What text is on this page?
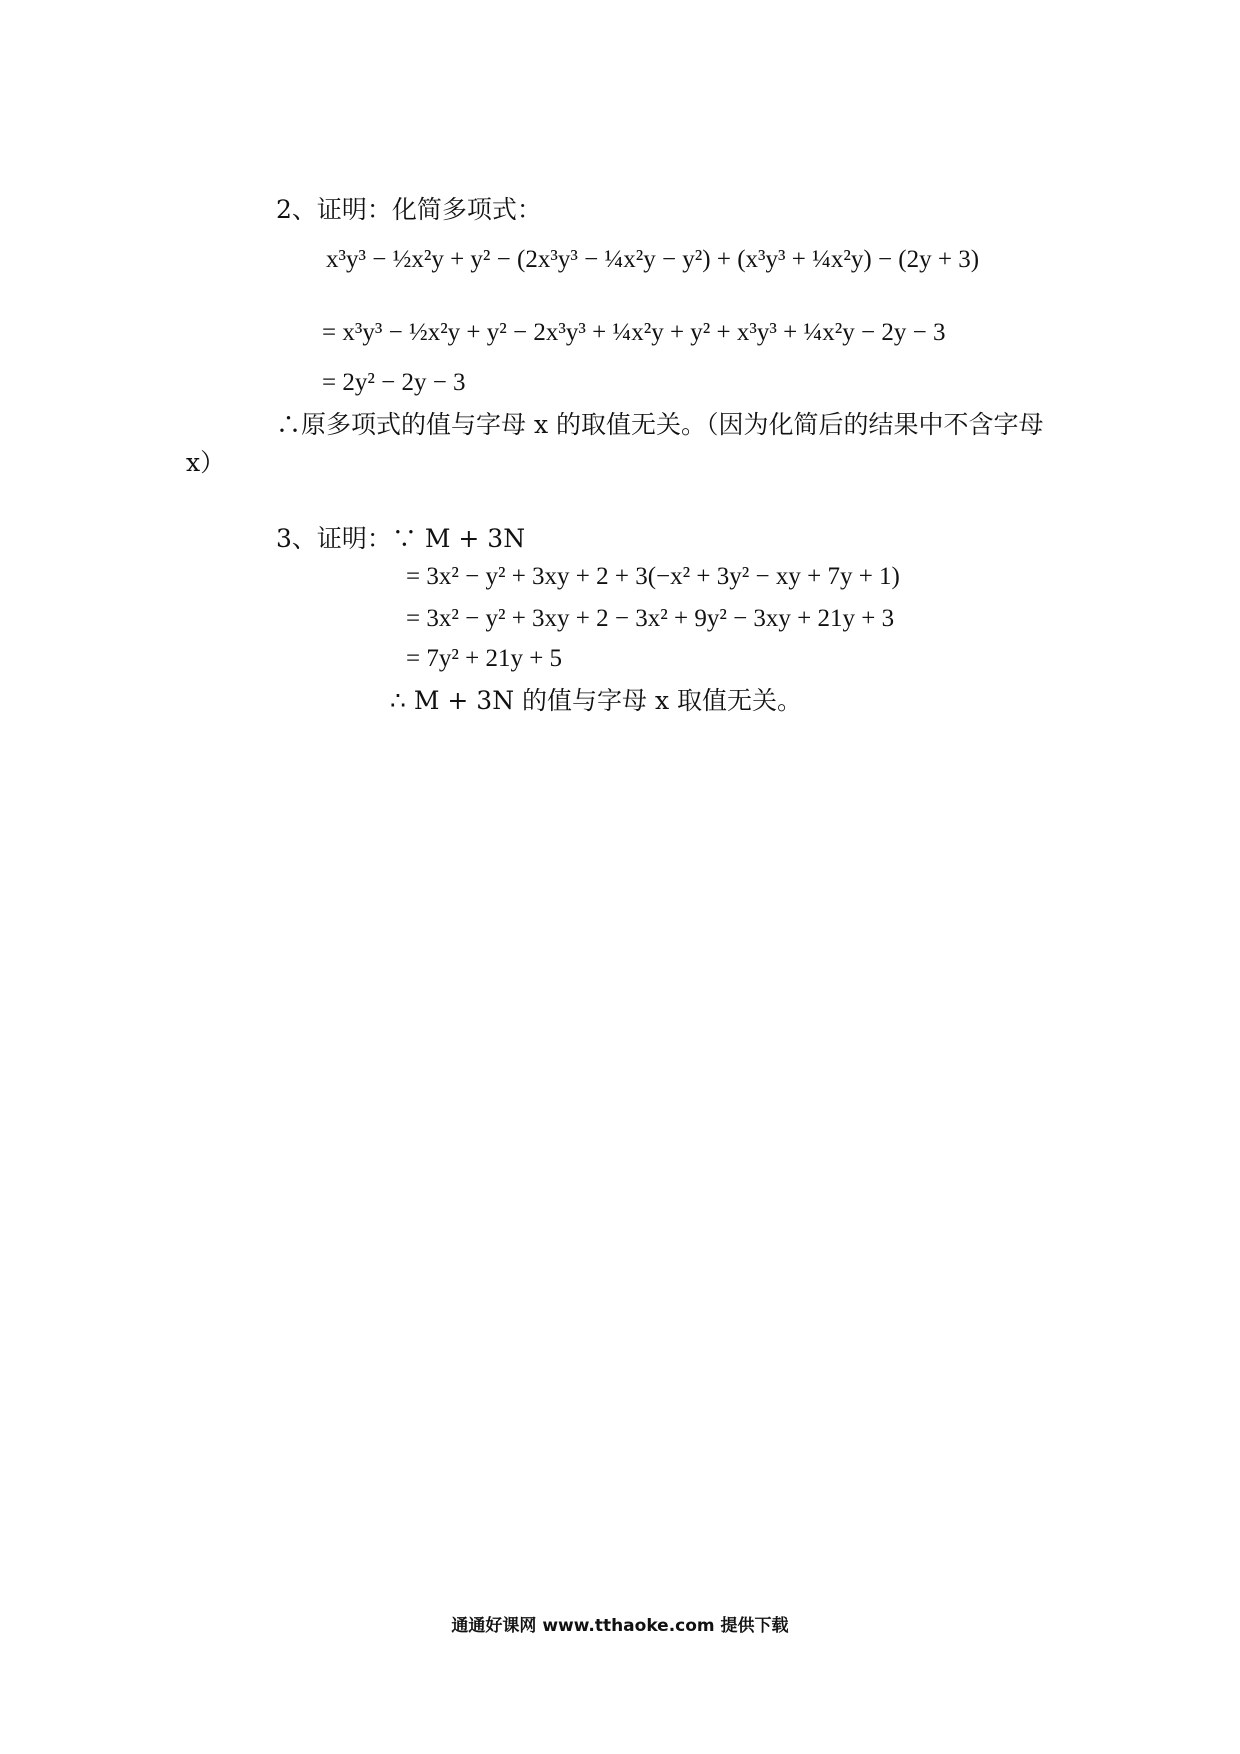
2、证明：化简多项式：
x³y³ − ½x²y + y² − (2x³y³ − ¼x²y − y²) + (x³y³ + ¼x²y) − (2y + 3)
= x³y³ − ½x²y + y² − 2x³y³ + ¼x²y + y² + x³y³ + ¼x²y − 2y − 3
= 2y² − 2y − 3
∴原多项式的值与字母 x 的取值无关。（因为化简后的结果中不含字母
x）
3、证明：∵ M + 3N
= 3x² − y² + 3xy + 2 + 3(−x² + 3y² − xy + 7y + 1)
= 3x² − y² + 3xy + 2 − 3x² + 9y² − 3xy + 21y + 3
= 7y² + 21y + 5
∴ M + 3N 的值与字母 x 取值无关。
通通好课网 www.tthaoke.com 提供下载
